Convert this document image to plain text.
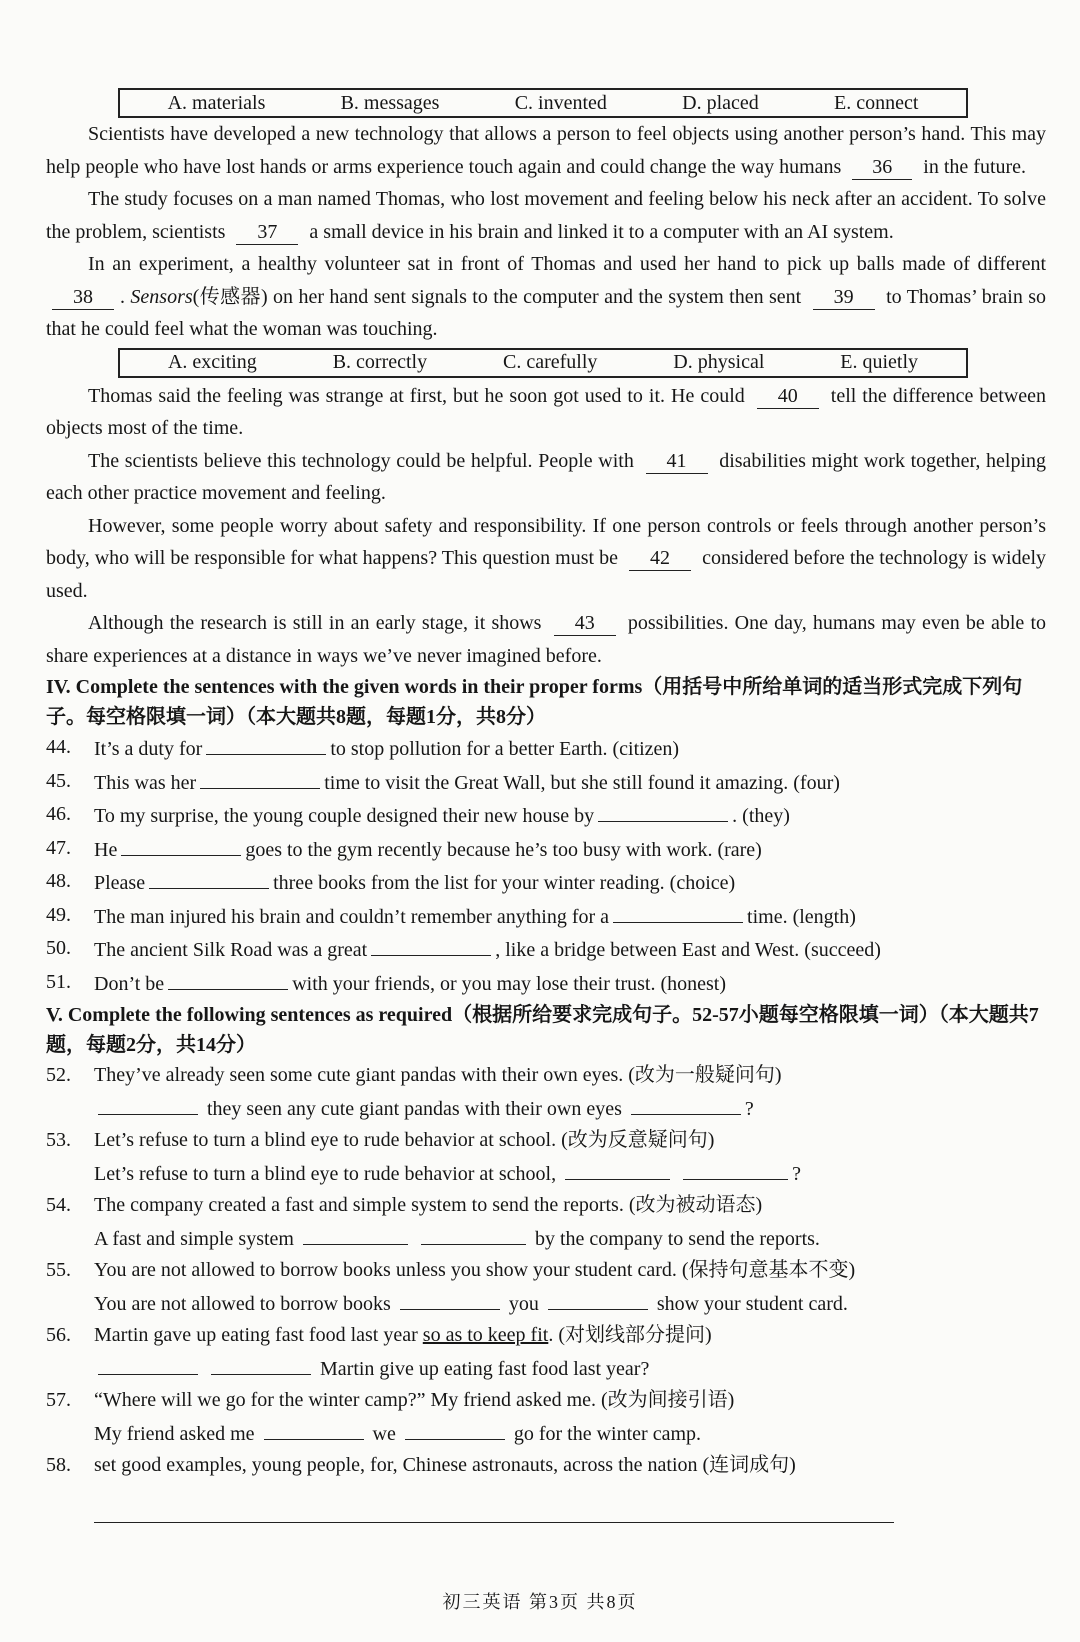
A. materials	B. messages	C. invented	D. placed	E. connect

Scientists have developed a new technology that allows a person to feel objects using another person’s hand. This may help people who have lost hands or arms experience touch again and could change the way humans 36 in the future.

The study focuses on a man named Thomas, who lost movement and feeling below his neck after an accident. To solve the problem, scientists 37 a small device in his brain and linked it to a computer with an AI system.

In an experiment, a healthy volunteer sat in front of Thomas and used her hand to pick up balls made of different 38 . Sensors(传感器) on her hand sent signals to the computer and the system then sent 39 to Thomas’ brain so that he could feel what the woman was touching.

A. exciting	B. correctly	C. carefully	D. physical	E. quietly

Thomas said the feeling was strange at first, but he soon got used to it. He could 40 tell the difference between objects most of the time.

The scientists believe this technology could be helpful. People with 41 disabilities might work together, helping each other practice movement and feeling.

However, some people worry about safety and responsibility. If one person controls or feels through another person’s body, who will be responsible for what happens? This question must be 42 considered before the technology is widely used.

Although the research is still in an early stage, it shows 43 possibilities. One day, humans may even be able to share experiences at a distance in ways we’ve never imagined before.

IV. Complete the sentences with the given words in their proper forms（用括号中所给单词的适当形式完成下列句子。每空格限填一词）（本大题共8题，每题1分，共8分）

44.	It’s a duty for	to stop pollution for a better Earth. (citizen)
45.	This was her	time to visit the Great Wall, but she still found it amazing. (four)
46.	To my surprise, the young couple designed their new house by	. (they)
47.	He	goes to the gym recently because he’s too busy with work. (rare)
48.	Please	three books from the list for your winter reading. (choice)
49.	The man injured his brain and couldn’t remember anything for a	time. (length)
50.	The ancient Silk Road was a great	, like a bridge between East and West. (succeed)
51.	Don’t be	with your friends, or you may lose their trust. (honest)

V. Complete the following sentences as required（根据所给要求完成句子。52-57小题每空格限填一词）（本大题共7题，每题2分，共14分）

52.	They’ve already seen some cute giant pandas with their own eyes. (改为一般疑问句)
they seen any cute giant pandas with their own eyes	?
53.	Let’s refuse to turn a blind eye to rude behavior at school. (改为反意疑问句)
Let’s refuse to turn a blind eye to rude behavior at school,	?
54.	The company created a fast and simple system to send the reports. (改为被动语态)
A fast and simple system	by the company to send the reports.
55.	You are not allowed to borrow books unless you show your student card. (保持句意基本不变)
You are not allowed to borrow books	you	show your student card.
56.	Martin gave up eating fast food last year so as to keep fit. (对划线部分提问)
Martin give up eating fast food last year?
57.	“Where will we go for the winter camp?” My friend asked me. (改为间接引语)
My friend asked me	we	go for the winter camp.
58.	set good examples, young people, for, Chinese astronauts, across the nation (连词成句)
初三英语 第3页 共8页
